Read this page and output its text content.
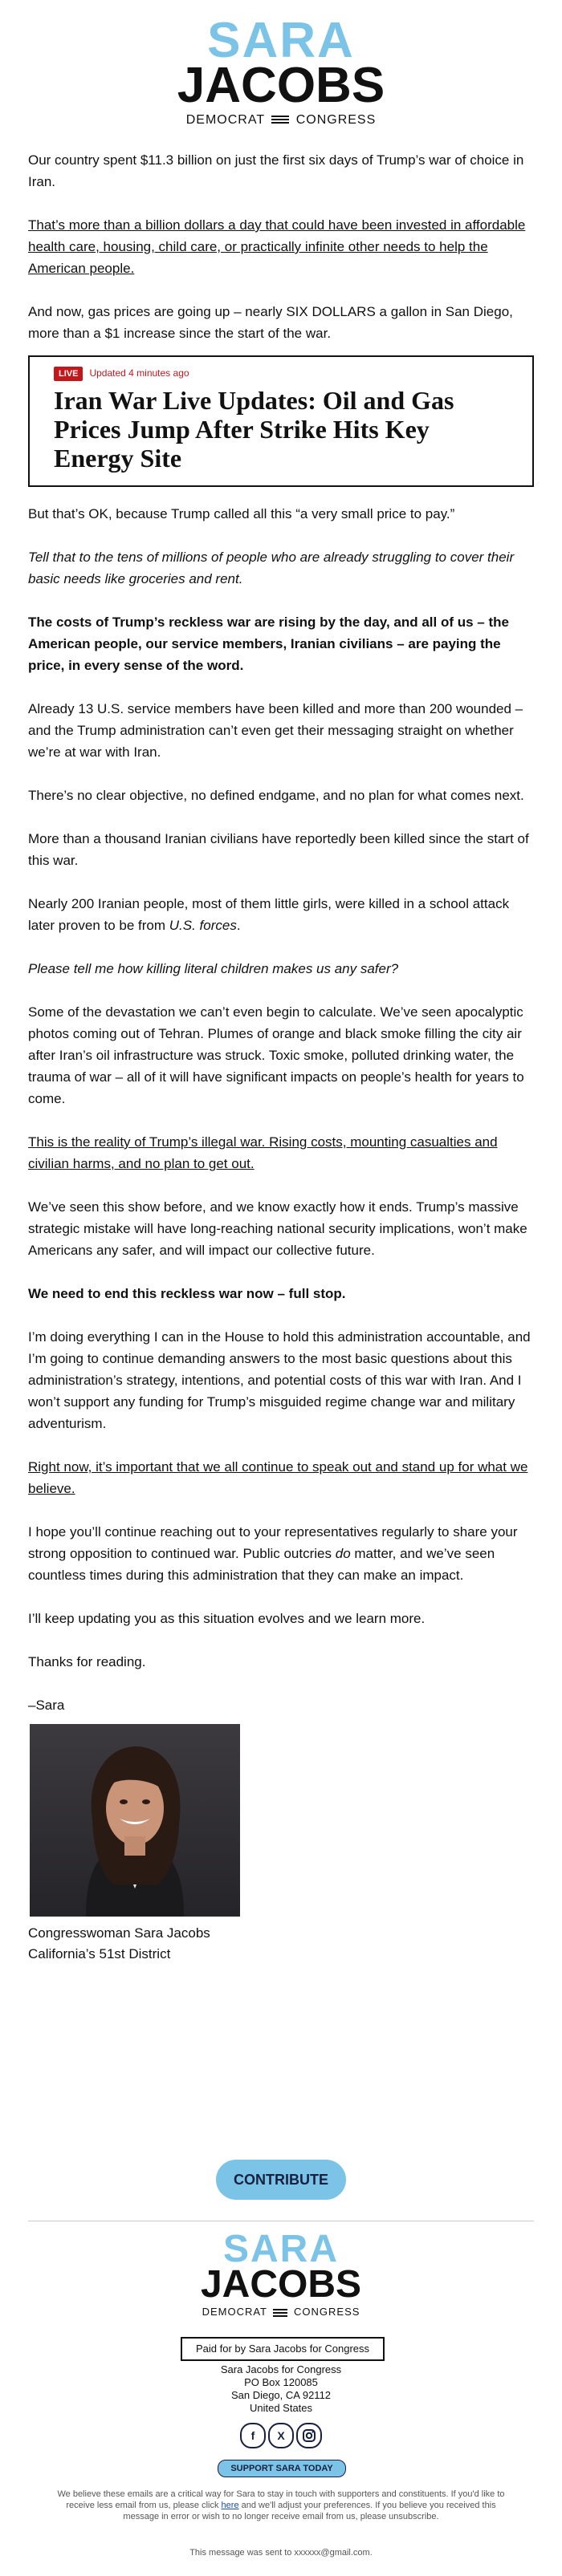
SARA
JACOBS
DEMOCRAT CONGRESS

Our country spent $11.3 billion on just the first six days of Trump’s war of choice in Iran.

That’s more than a billion dollars a day that could have been invested in affordable health care, housing, child care, or practically infinite other needs to help the American people.

And now, gas prices are going up – nearly SIX DOLLARS a gallon in San Diego, more than a $1 increase since the start of the war.

LIVE Updated 4 minutes ago
Iran War Live Updates: Oil and Gas Prices Jump After Strike Hits Key Energy Site

But that’s OK, because Trump called all this “a very small price to pay.”

Tell that to the tens of millions of people who are already struggling to cover their basic needs like groceries and rent.

The costs of Trump’s reckless war are rising by the day, and all of us – the American people, our service members, Iranian civilians – are paying the price, in every sense of the word.

Already 13 U.S. service members have been killed and more than 200 wounded – and the Trump administration can’t even get their messaging straight on whether we’re at war with Iran.

There’s no clear objective, no defined endgame, and no plan for what comes next.

More than a thousand Iranian civilians have reportedly been killed since the start of this war.

Nearly 200 Iranian people, most of them little girls, were killed in a school attack later proven to be from U.S. forces.

Please tell me how killing literal children makes us any safer?

Some of the devastation we can’t even begin to calculate. We’ve seen apocalyptic photos coming out of Tehran. Plumes of orange and black smoke filling the city air after Iran’s oil infrastructure was struck. Toxic smoke, polluted drinking water, the trauma of war – all of it will have significant impacts on people’s health for years to come.

This is the reality of Trump’s illegal war. Rising costs, mounting casualties and civilian harms, and no plan to get out.

We’ve seen this show before, and we know exactly how it ends. Trump’s massive strategic mistake will have long-reaching national security implications, won’t make Americans any safer, and will impact our collective future.

We need to end this reckless war now – full stop.

I’m doing everything I can in the House to hold this administration accountable, and I’m going to continue demanding answers to the most basic questions about this administration’s strategy, intentions, and potential costs of this war with Iran. And I won’t support any funding for Trump’s misguided regime change war and military adventurism.

Right now, it’s important that we all continue to speak out and stand up for what we believe.

I hope you’ll continue reaching out to your representatives regularly to share your strong opposition to continued war. Public outcries do matter, and we’ve seen countless times during this administration that they can make an impact.

I’ll keep updating you as this situation evolves and we learn more.

Thanks for reading.

–Sara

Congresswoman Sara Jacobs
California’s 51st District
CONTRIBUTE
SARA
JACOBS
DEMOCRAT	CONGRESS
Paid for by Sara Jacobs for Congress
Sara Jacobs for Congress
PO Box 120085
San Diego, CA 92112
United States
f	X
SUPPORT SARA TODAY
We believe these emails are a critical way for Sara to stay in touch with supporters and constituents. If you'd like to receive less email from us, please click here and we'll adjust your preferences. If you believe you received this message in error or wish to no longer receive email from us, please unsubscribe.
This message was sent to xxxxxx@gmail.com.
